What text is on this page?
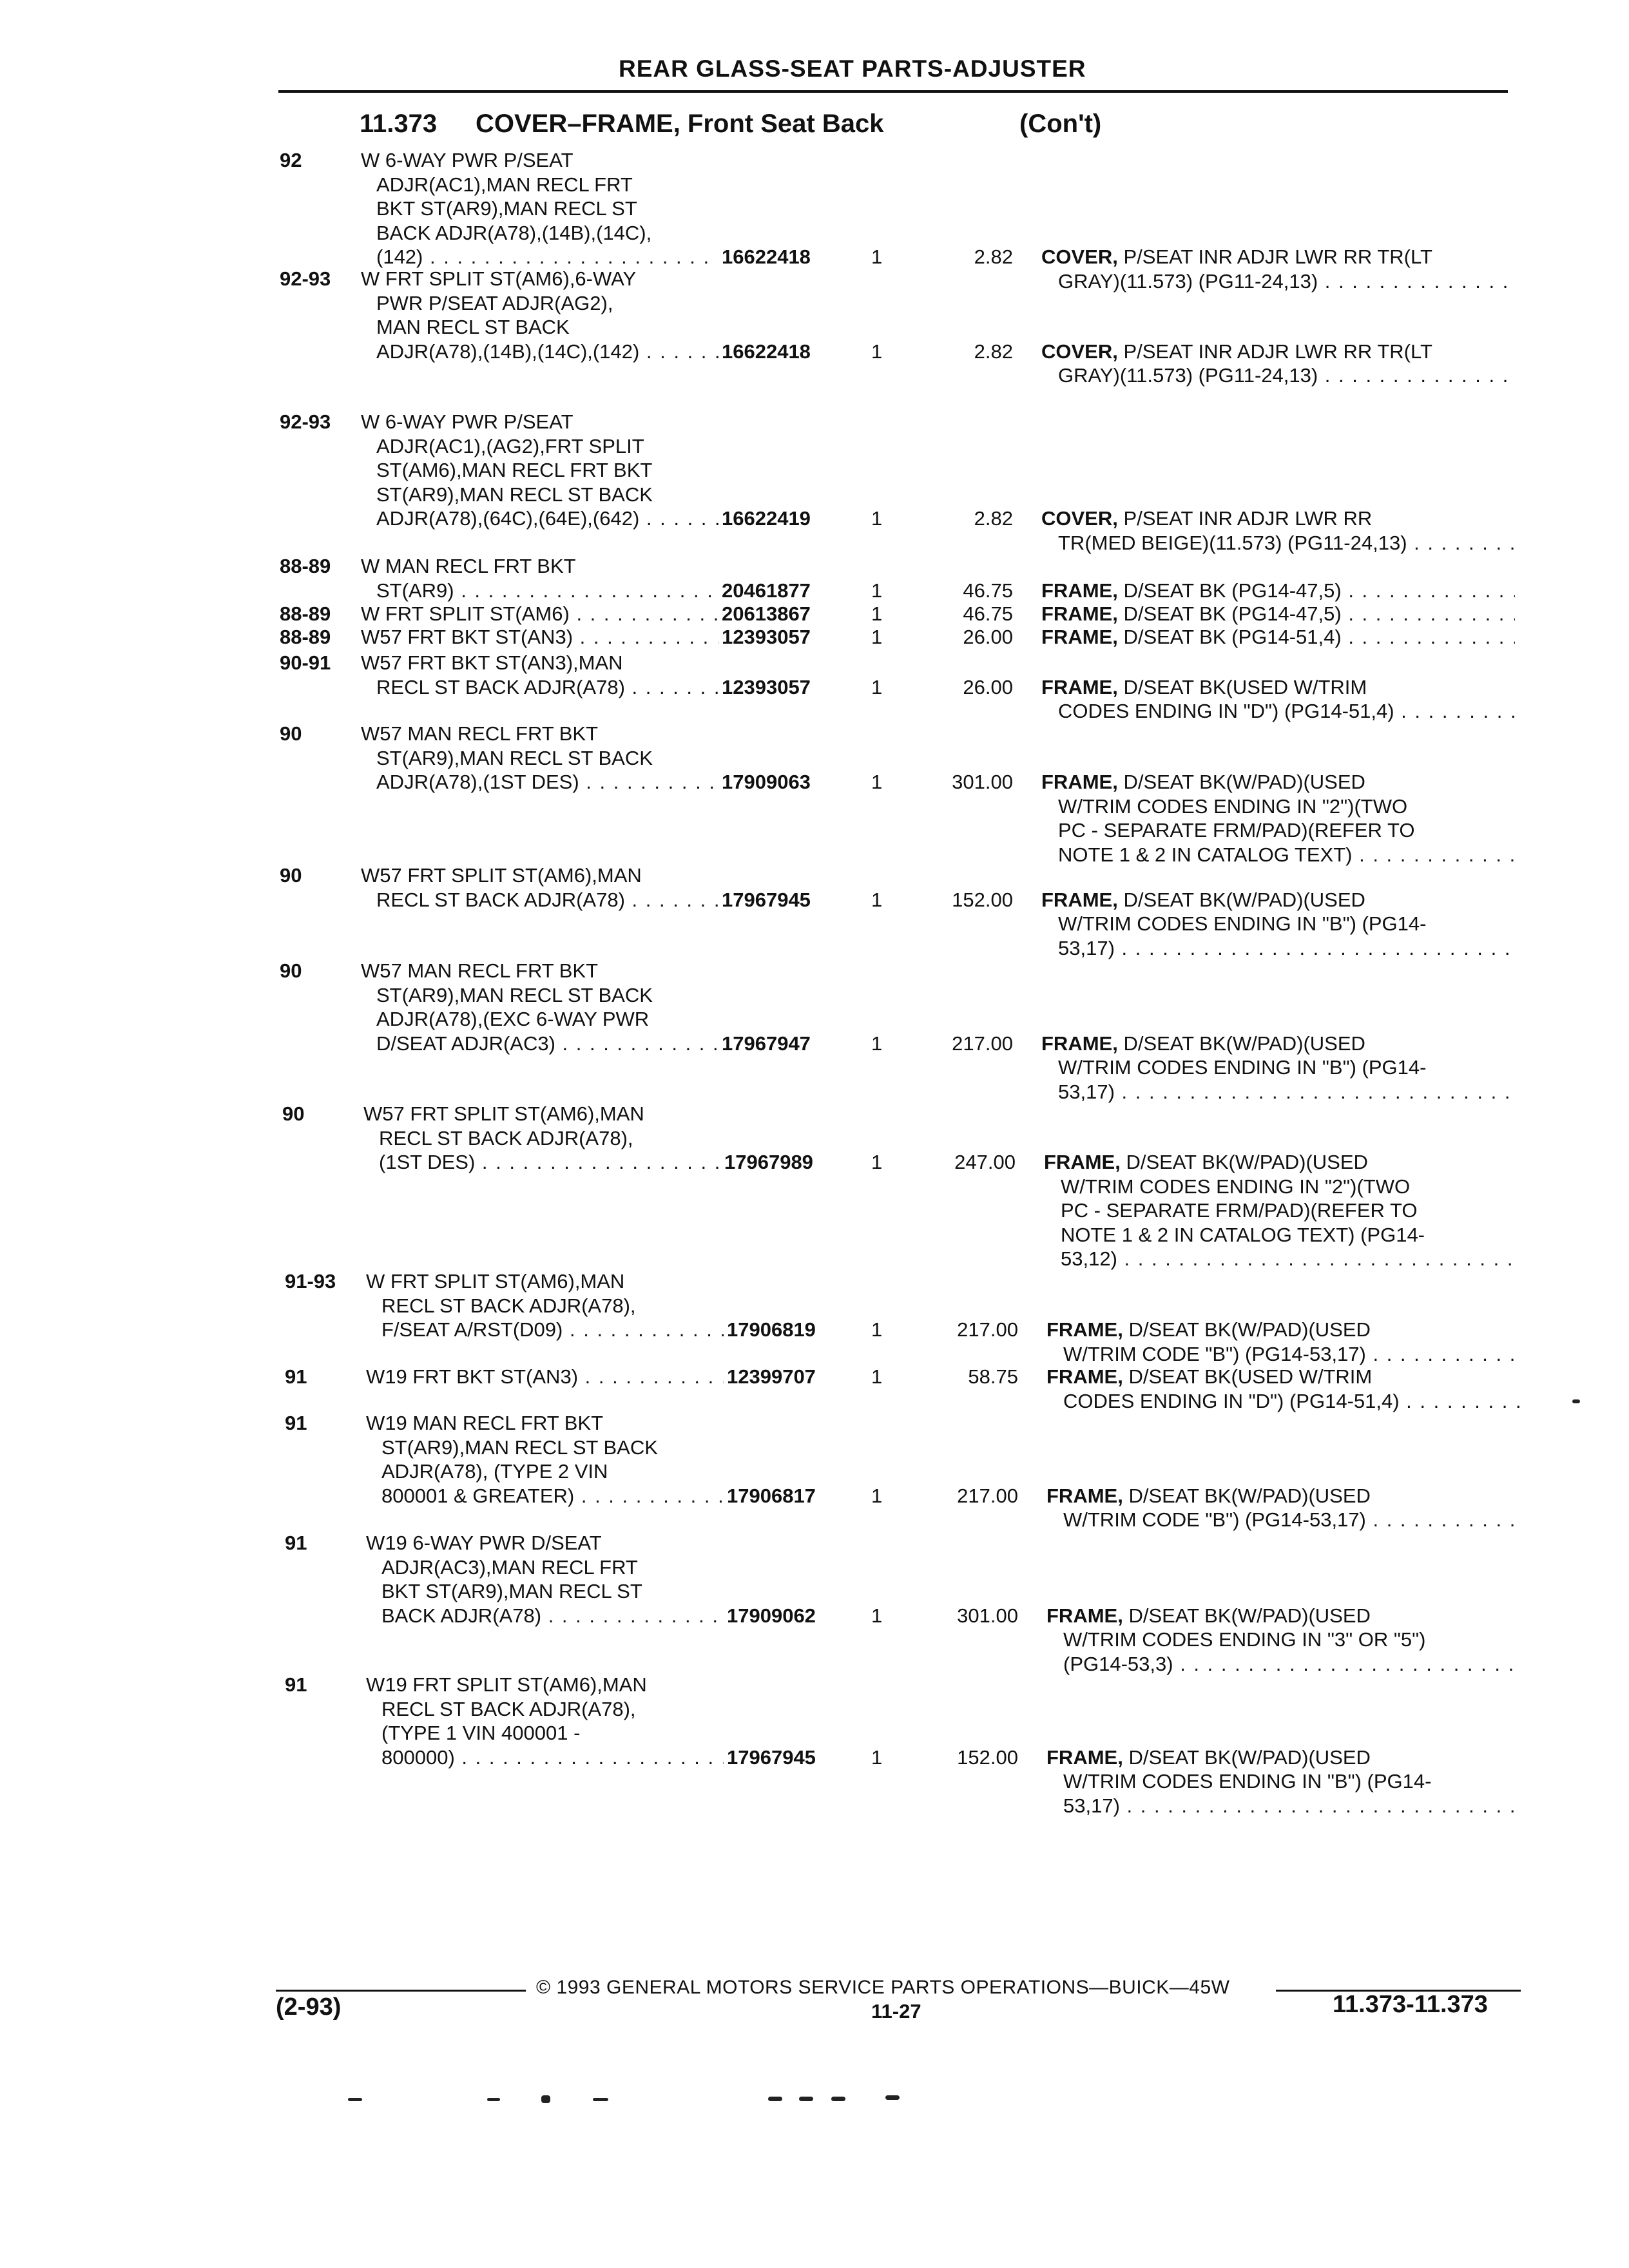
REAR GLASS-SEAT PARTS-ADJUSTER
11.373 COVER–FRAME, Front Seat Back	(Con't)
92	W 6-WAY PWR P/SEAT
ADJR(AC1),MAN RECL FRT
BKT ST(AR9),MAN RECL ST
BACK ADJR(A78),(14B),(14C),
(142) . . .	16622418	1	2.82 COVER, P/SEAT INR ADJR LWR RR TR(LT
GRAY)(11.573) (PG11-24,13) . . .
92-93 W FRT SPLIT ST(AM6),6-WAY
PWR P/SEAT ADJR(AG2),
MAN RECL ST BACK
ADJR(A78),(14B),(14C),(142) . . .	16622418	1	2.82 COVER, P/SEAT INR ADJR LWR RR TR(LT
GRAY)(11.573) (PG11-24,13) . . .
92-93 W 6-WAY PWR P/SEAT
ADJR(AC1),(AG2),FRT SPLIT
ST(AM6),MAN RECL FRT BKT
ST(AR9),MAN RECL ST BACK
ADJR(A78),(64C),(64E),(642) . . .	16622419	1	2.82 COVER, P/SEAT INR ADJR LWR RR
TR(MED BEIGE)(11.573) (PG11-24,13) . . .
88-89 W MAN RECL FRT BKT
ST(AR9) . . .	20461877	1	46.75 FRAME, D/SEAT BK (PG14-47,5) . . .
88-89 W FRT SPLIT ST(AM6) . . .	20613867	1	46.75 FRAME, D/SEAT BK (PG14-47,5) . . .
88-89 W57 FRT BKT ST(AN3) . . .	12393057	1	26.00 FRAME, D/SEAT BK (PG14-51,4) . . .
90-91 W57 FRT BKT ST(AN3),MAN
RECL ST BACK ADJR(A78) . . .	12393057	1	26.00 FRAME, D/SEAT BK(USED W/TRIM
CODES ENDING IN "D") (PG14-51,4) . . .
90	W57 MAN RECL FRT BKT
ST(AR9),MAN RECL ST BACK
ADJR(A78),(1ST DES) . . .	17909063	1	301.00 FRAME, D/SEAT BK(W/PAD)(USED
W/TRIM CODES ENDING IN "2")(TWO
PC - SEPARATE FRM/PAD)(REFER TO
NOTE 1 & 2 IN CATALOG TEXT) . . .
90	W57 FRT SPLIT ST(AM6),MAN
RECL ST BACK ADJR(A78) . . .	17967945	1	152.00 FRAME, D/SEAT BK(W/PAD)(USED
W/TRIM CODES ENDING IN "B") (PG14-
53,17) . . .
90	W57 MAN RECL FRT BKT
ST(AR9),MAN RECL ST BACK
ADJR(A78),(EXC 6-WAY PWR
D/SEAT ADJR(AC3) . . .	17967947	1	217.00 FRAME, D/SEAT BK(W/PAD)(USED
W/TRIM CODES ENDING IN "B") (PG14-
53,17) . . .
90	W57 FRT SPLIT ST(AM6),MAN
RECL ST BACK ADJR(A78),
(1ST DES) . . .	17967989	1	247.00 FRAME, D/SEAT BK(W/PAD)(USED
W/TRIM CODES ENDING IN "2")(TWO
PC - SEPARATE FRM/PAD)(REFER TO
NOTE 1 & 2 IN CATALOG TEXT) (PG14-
53,12) . . .
91-93 W FRT SPLIT ST(AM6),MAN
RECL ST BACK ADJR(A78),
F/SEAT A/RST(D09) . . .	17906819	1	217.00 FRAME, D/SEAT BK(W/PAD)(USED
W/TRIM CODE "B") (PG14-53,17) . . .
91	W19 FRT BKT ST(AN3) . . .	12399707	1	58.75 FRAME, D/SEAT BK(USED W/TRIM
CODES ENDING IN "D") (PG14-51,4) . . .
91	W19 MAN RECL FRT BKT
ST(AR9),MAN RECL ST BACK
ADJR(A78), (TYPE 2 VIN
800001 & GREATER) . . .	17906817	1	217.00 FRAME, D/SEAT BK(W/PAD)(USED
W/TRIM CODE "B") (PG14-53,17) . . .
91	W19 6-WAY PWR D/SEAT
ADJR(AC3),MAN RECL FRT
BKT ST(AR9),MAN RECL ST
BACK ADJR(A78) . . .	17909062	1	301.00 FRAME, D/SEAT BK(W/PAD)(USED
W/TRIM CODES ENDING IN "3" OR "5")
(PG14-53,3) . . .
91	W19 FRT SPLIT ST(AM6),MAN
RECL ST BACK ADJR(A78),
(TYPE 1 VIN 400001 -
800000) . . .	17967945	1	152.00 FRAME, D/SEAT BK(W/PAD)(USED
W/TRIM CODES ENDING IN "B") (PG14-
53,17) . . .
© 1993 GENERAL MOTORS SERVICE PARTS OPERATIONS—BUICK—45W
(2-93)	11-27	11.373-11.373
